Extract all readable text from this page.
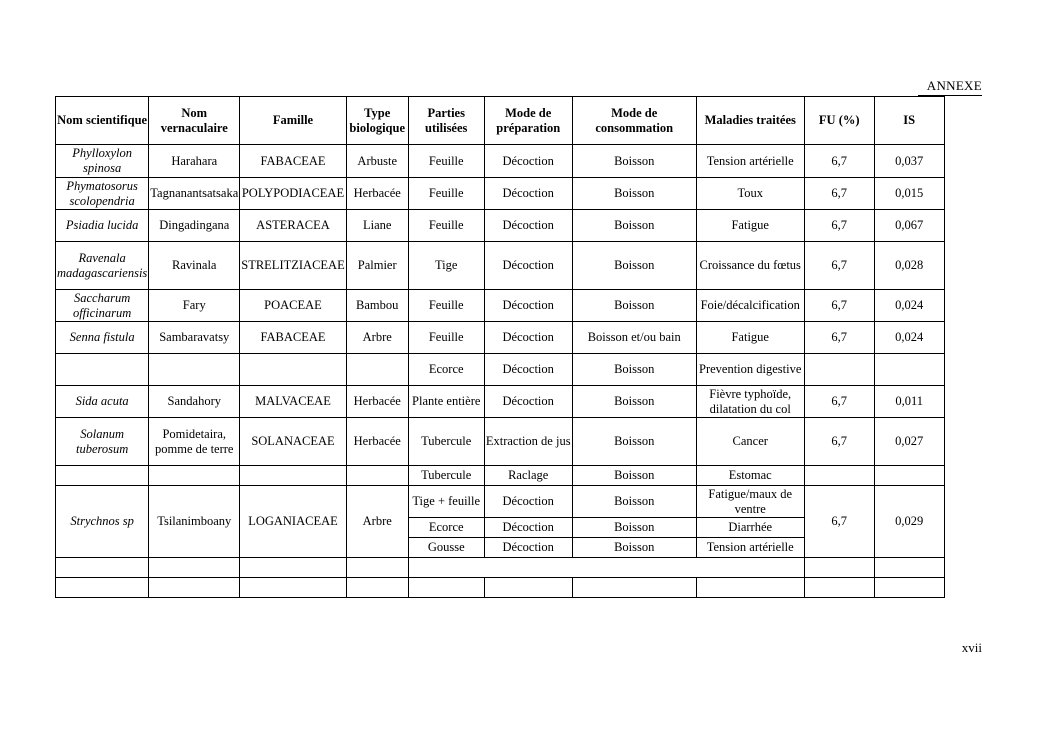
ANNEXE
Nom scientifique	Nom vernaculaire	Famille	Type biologique	Parties utilisées	Mode de préparation	Mode de consommation	Maladies traitées	FU (%)	IS
Phylloxylon spinosa	Harahara	FABACEAE	Arbuste	Feuille	Décoction	Boisson	Tension artérielle	6,7	0,037
Phymatosorus scolopendria	Tagnanantsatsaka	POLYPODIACEAE	Herbacée	Feuille	Décoction	Boisson	Toux	6,7	0,015
Psiadia lucida	Dingadingana	ASTERACEA	Liane	Feuille	Décoction	Boisson	Fatigue	6,7	0,067
Ravenala madagascariensis	Ravinala	STRELITZIACEAE	Palmier	Tige	Décoction	Boisson	Croissance du fœtus	6,7	0,028
Saccharum officinarum	Fary	POACEAE	Bambou	Feuille	Décoction	Boisson	Foie/décalcification	6,7	0,024
Senna fistula	Sambaravatsy	FABACEAE	Arbre	Feuille	Décoction	Boisson et/ou bain	Fatigue	6,7	0,024
				Ecorce	Décoction	Boisson	Prevention digestive		
Sida acuta	Sandahory	MALVACEAE	Herbacée	Plante entière	Décoction	Boisson	Fièvre typhoïde, dilatation du col	6,7	0,011
Solanum tuberosum	Pomidetaira, pomme de terre	SOLANACEAE	Herbacée	Tubercule	Extraction de jus	Boisson	Cancer	6,7	0,027
				Tubercule	Raclage	Boisson	Estomac		
Strychnos sp	Tsilanimboany	LOGANIACEAE	Arbre	Tige + feuille	Décoction	Boisson	Fatigue/maux de ventre	6,7	0,029
				Ecorce	Décoction	Boisson	Diarrhée		
				Gousse	Décoction	Boisson	Tension artérielle		

xvii
